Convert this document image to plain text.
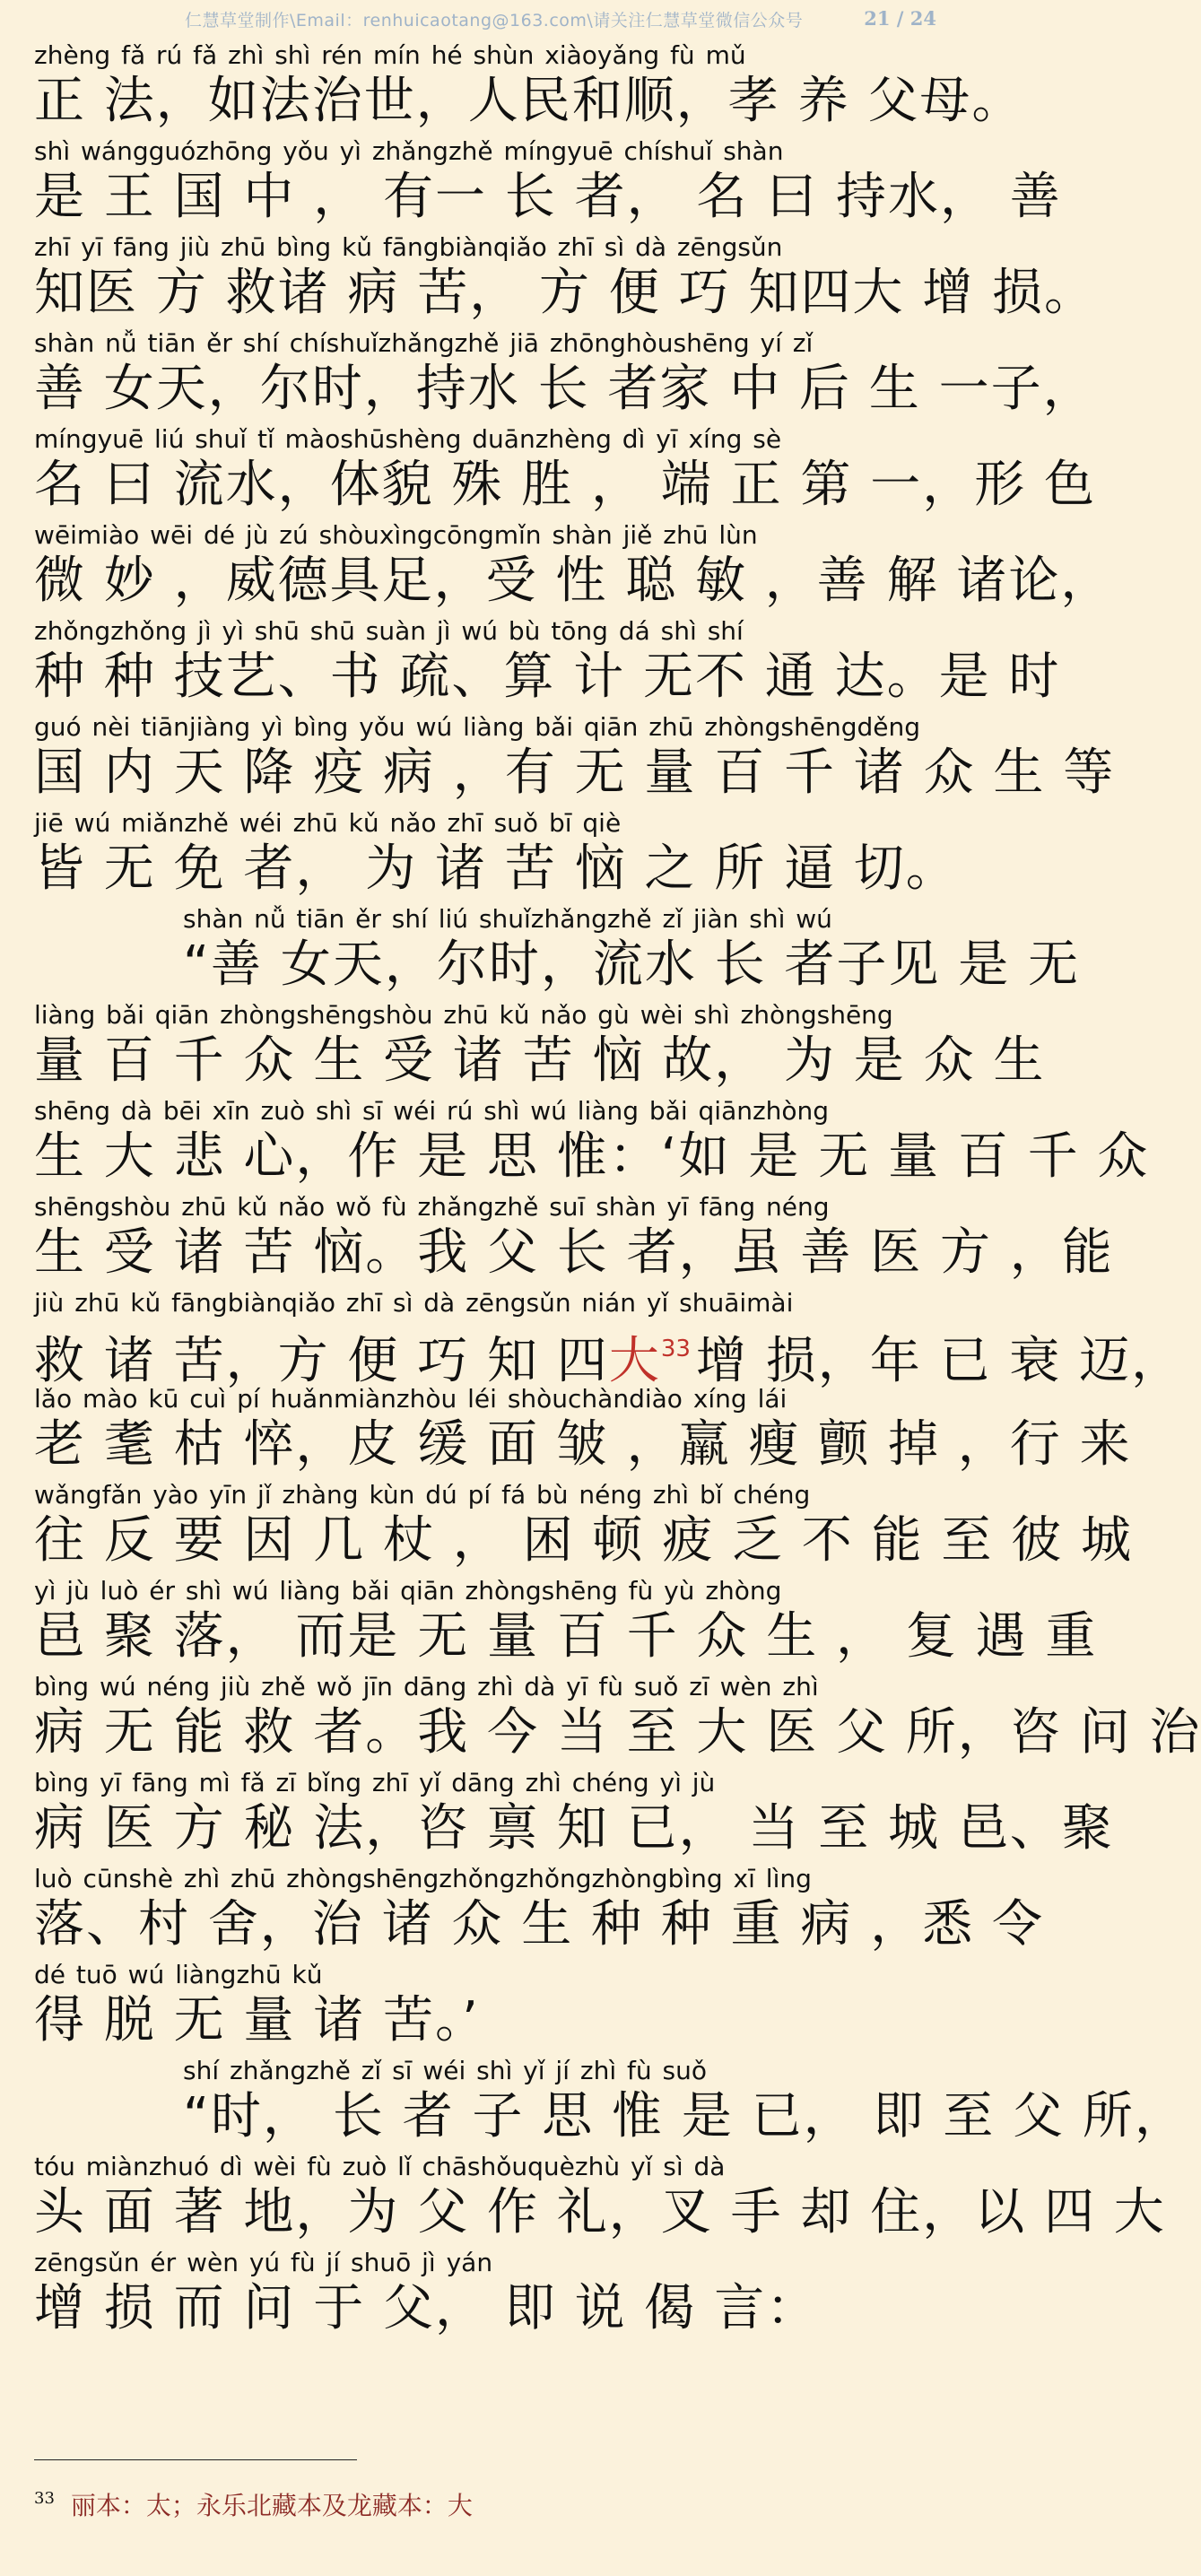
仁慧草堂制作\Email：renhuicaotang@163.com\请关注仁慧草堂微信公众号	21 / 24
zhèng fǎ rú fǎ zhì shì rén mín hé shùn xiàoyǎng fù mǔ
正 法，如法治世，人民和顺，孝 养 父母。
shì wángguózhōng yǒu yì zhǎngzhě míngyuē chíshuǐ shàn
是 王 国 中 ， 有一 长 者， 名 曰 持水， 善
zhī yī fāng jiù zhū bìng kǔ fāngbiànqiǎo zhī sì dà zēngsǔn
知医 方 救诸 病 苦， 方 便 巧 知四大 增 损。
shàn nǚ tiān ěr shí chíshuǐzhǎngzhě jiā zhōnghòushēng yí zǐ
善 女天，尔时，持水 长 者家 中 后 生 一子，
míngyuē liú shuǐ tǐ màoshūshèng duānzhèng dì yī xíng sè
名 曰 流水，体貌 殊 胜 ， 端 正 第 一，形 色
wēimiào wēi dé jù zú shòuxìngcōngmǐn shàn jiě zhū lùn
微 妙 ，威德具足，受 性 聪 敏 ，善 解 诸论，
zhǒngzhǒng jì yì shū shū suàn jì wú bù tōng dá shì shí
种 种 技艺、书 疏、算 计 无不 通 达。是 时
guó nèi tiānjiàng yì bìng yǒu wú liàng bǎi qiān zhū zhòngshēngděng
国 内 天 降 疫 病 ，有 无 量 百 千 诸 众 生 等
jiē wú miǎnzhě wéi zhū kǔ nǎo zhī suǒ bī qiè
皆 无 免 者， 为 诸 苦 恼 之 所 逼 切。
shàn nǚ tiān ěr shí liú shuǐzhǎngzhě zǐ jiàn shì wú
“善 女天，尔时，流水 长 者子见 是 无
liàng bǎi qiān zhòngshēngshòu zhū kǔ nǎo gù wèi shì zhòngshēng
量 百 千 众 生 受 诸 苦 恼 故， 为 是 众 生
shēng dà bēi xīn zuò shì sī wéi rú shì wú liàng bǎi qiānzhòng
生 大 悲 心，作 是 思 惟：‘如 是 无 量 百 千 众
shēngshòu zhū kǔ nǎo wǒ fù zhǎngzhě suī shàn yī fāng néng
生 受 诸 苦 恼。我 父 长 者，虽 善 医 方 ，能
jiù zhū kǔ fāngbiànqiǎo zhī sì dà zēngsǔn nián yǐ shuāimài
救 诸 苦，方 便 巧 知 四大$^{33}$ 增 损，年 已 衰 迈，
lǎo mào kū cuì pí huǎnmiànzhòu léi shòuchàndiào xíng lái
老 耄 枯 悴，皮 缓 面 皱 ，羸 瘦 颤 掉 ，行 来
wǎngfǎn yào yīn jǐ zhàng kùn dú pí fá bù néng zhì bǐ chéng
往 反 要 因 几 杖 ， 困 顿 疲 乏 不 能 至 彼 城
yì jù luò ér shì wú liàng bǎi qiān zhòngshēng fù yù zhòng
邑 聚 落， 而是 无 量 百 千 众 生 ， 复 遇 重
bìng wú néng jiù zhě wǒ jīn dāng zhì dà yī fù suǒ zī wèn zhì
病 无 能 救 者。我 今 当 至 大 医 父 所，咨 问 治
bìng yī fāng mì fǎ zī bǐng zhī yǐ dāng zhì chéng yì jù
病 医 方 秘 法，咨 禀 知 已， 当 至 城 邑、聚
luò cūnshè zhì zhū zhòngshēngzhǒngzhǒngzhòngbìng xī lìng
落、村 舍，治 诸 众 生 种 种 重 病 ，悉 令
dé tuō wú liàngzhū kǔ
得 脱 无 量 诸 苦。’
shí zhǎngzhě zǐ sī wéi shì yǐ jí zhì fù suǒ
“时， 长 者 子 思 惟 是 已， 即 至 父 所，
tóu miànzhuó dì wèi fù zuò lǐ chāshǒuquèzhù yǐ sì dà
头 面 著 地，为 父 作 礼，叉 手 却 住，以 四 大
zēngsǔn ér wèn yú fù jí shuō jì yán
增 损 而 问 于 父， 即 说 偈 言：
$^{33}$ 丽本：太；永乐北藏本及龙藏本：大
